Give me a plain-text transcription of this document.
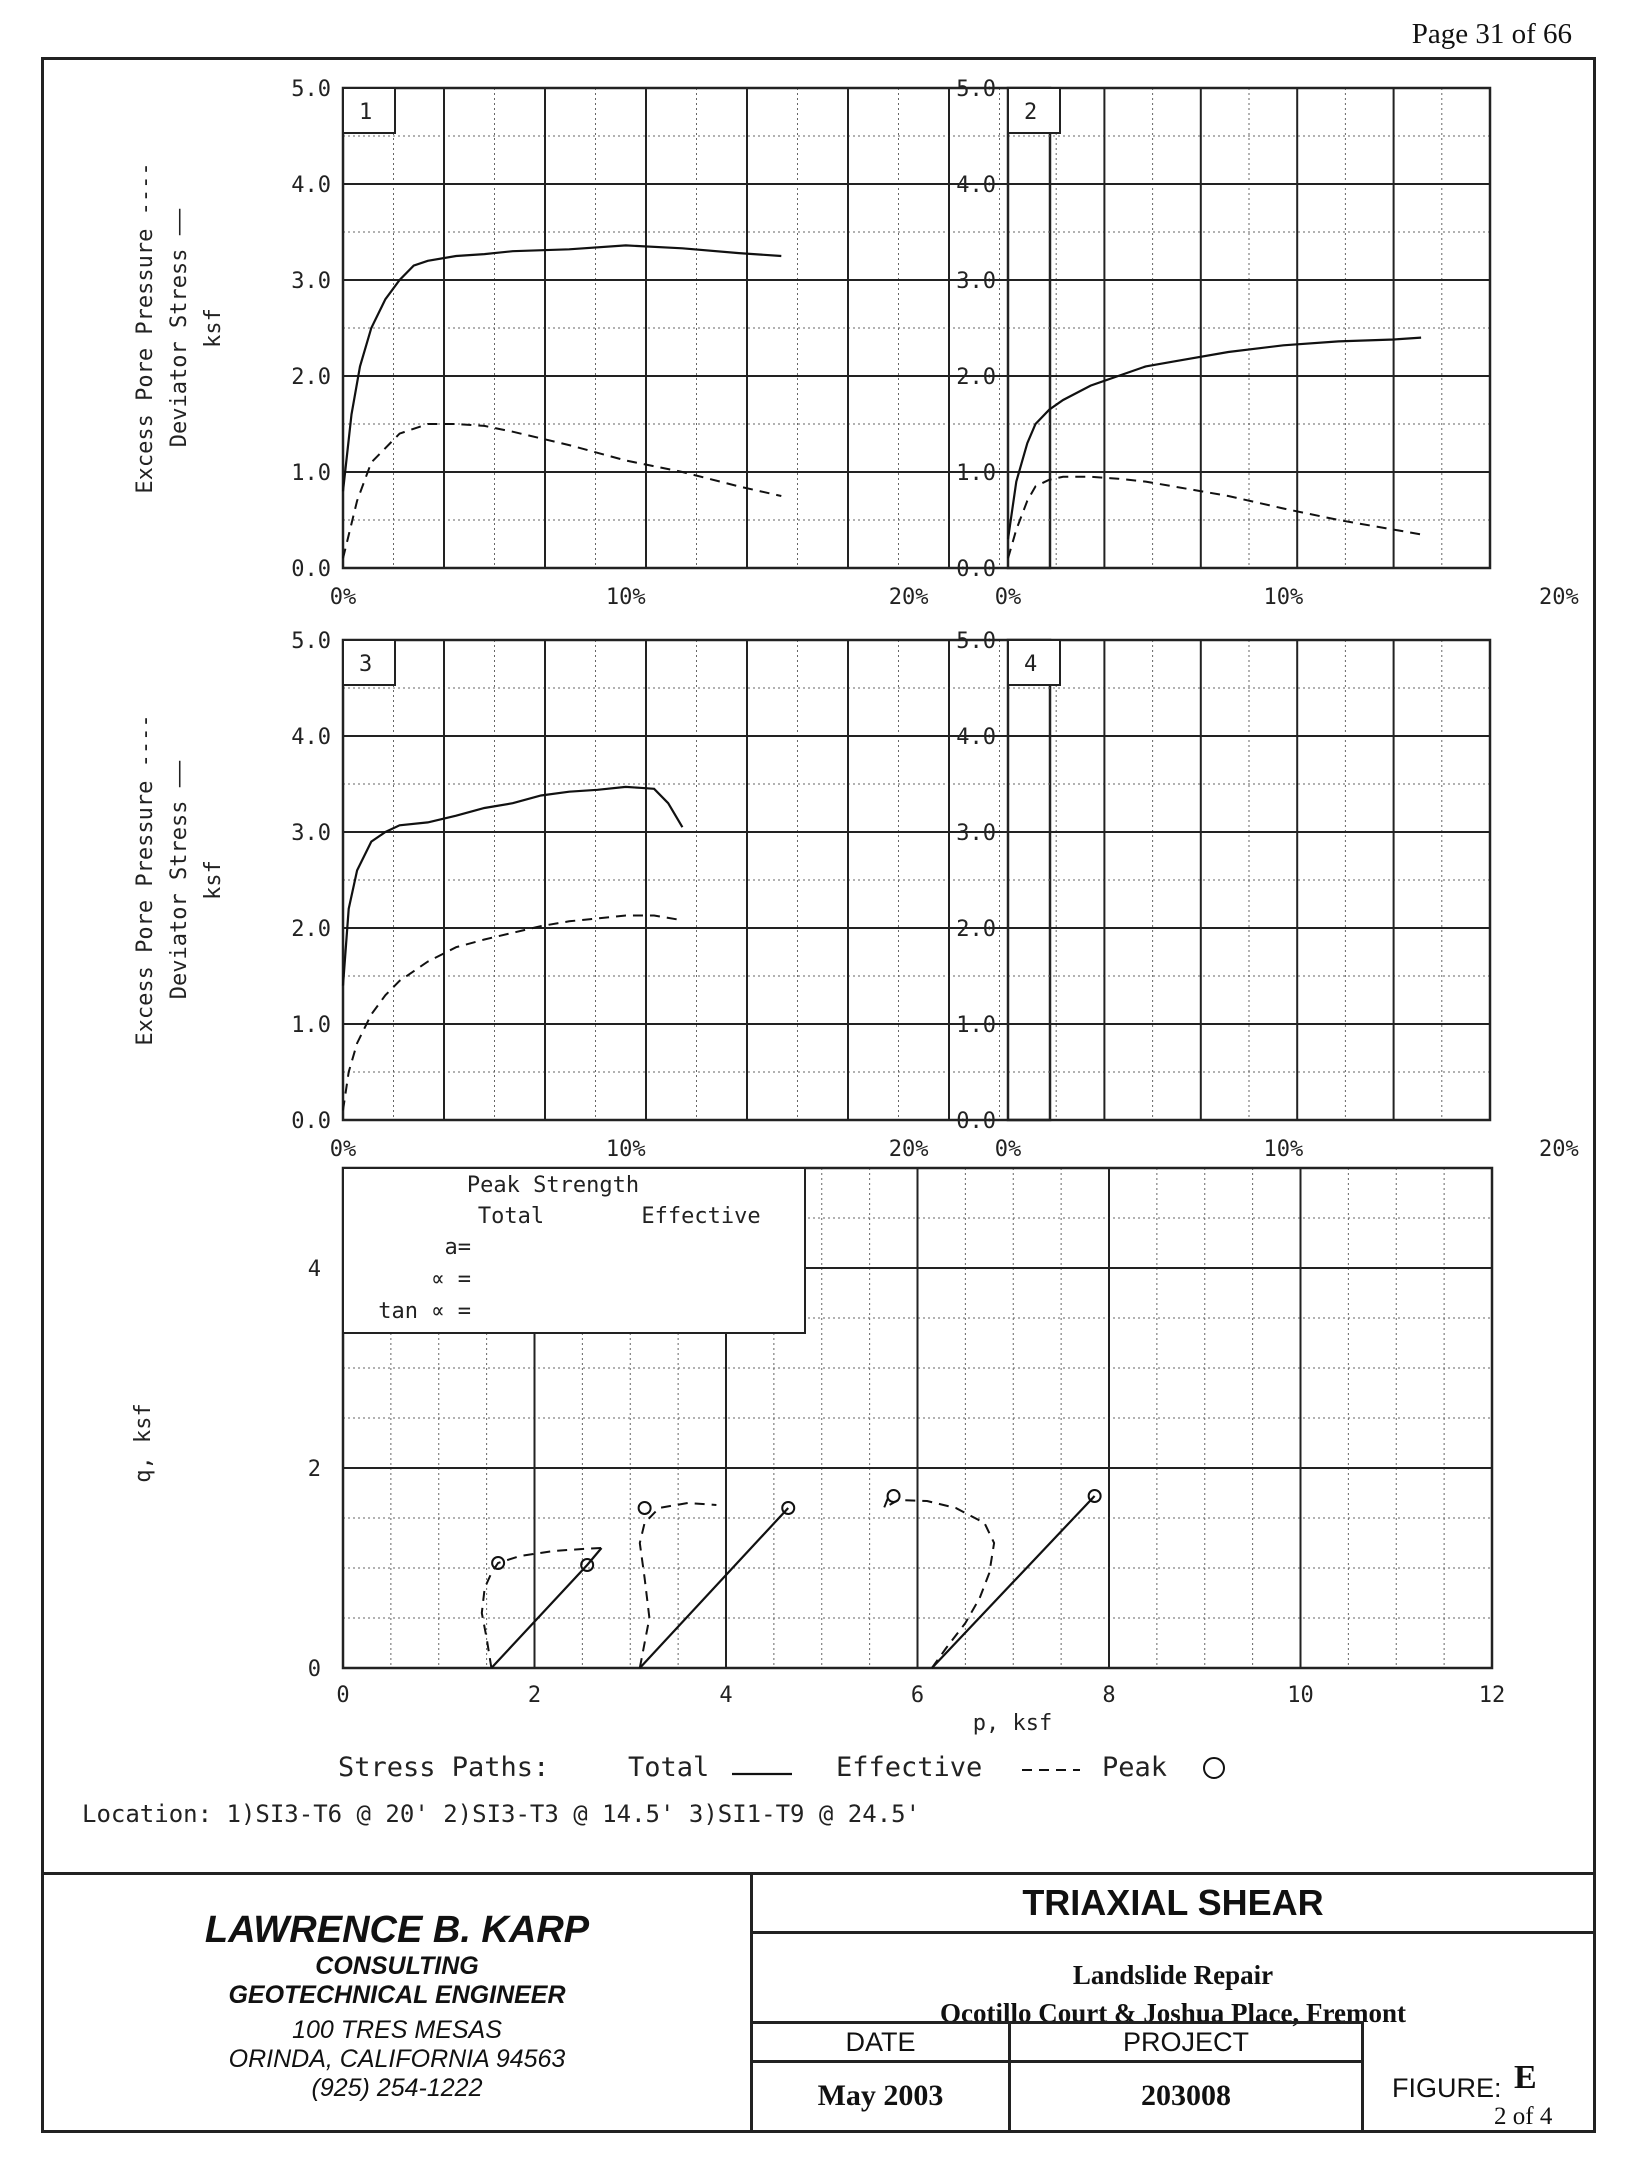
Page 31 of 66
1
0.0
1.0
2.0
3.0
4.0
5.0
0%	10%	20%
Excess Pore Pressure ---- Deviator Stress —— ksf
2
0.0
1.0
2.0
3.0
4.0
5.0
0%	10%	20%
3
0.0
1.0
2.0
3.0
4.0
5.0
0%	10%	20%
Excess Pore Pressure ---- Deviator Stress —— ksf
4
0.0
1.0
2.0
3.0
4.0
5.0
0%	10%	20%
Peak Strength
Total	Effective
a=
∝ =
tan ∝ =
0	2	4	6	8	10	12
0
2
4
p, ksf
q, ksf
Stress Paths:	Total	Effective	Peak
Location: 1)SI3-T6 @ 20' 2)SI3-T3 @ 14.5' 3)SI1-T9 @ 24.5'
LAWRENCE B. KARP
CONSULTING
GEOTECHNICAL ENGINEER
100 TRES MESAS
ORINDA, CALIFORNIA 94563
(925) 254-1222
TRIAXIAL SHEAR
Landslide Repair
Ocotillo Court & Joshua Place, Fremont
DATE
May 2003
PROJECT
203008	FIGURE: E
2 of 4
